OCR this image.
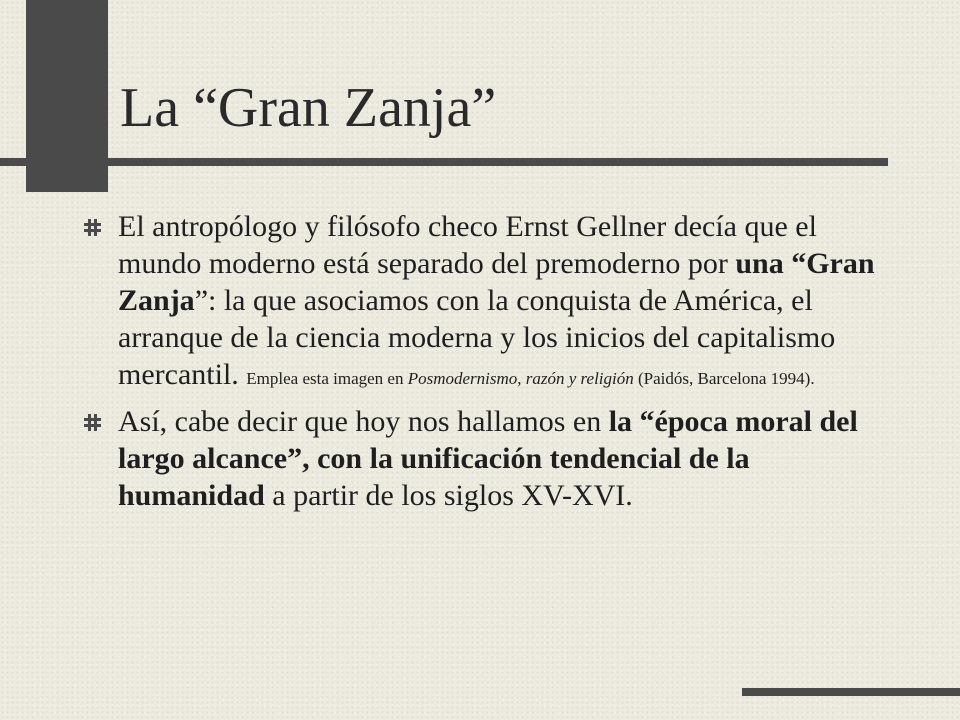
La “Gran Zanja”
El antropólogo y filósofo checo Ernst Gellner decía que el mundo moderno está separado del premoderno por una “Gran Zanja”: la que asociamos con la conquista de América, el arranque de la ciencia moderna y los inicios del capitalismo mercantil. Emplea esta imagen en Posmodernismo, razón y religión (Paidós, Barcelona 1994).
Así, cabe decir que hoy nos hallamos en la “época moral del largo alcance”, con la unificación tendencial de la humanidad a partir de los siglos XV-XVI.
